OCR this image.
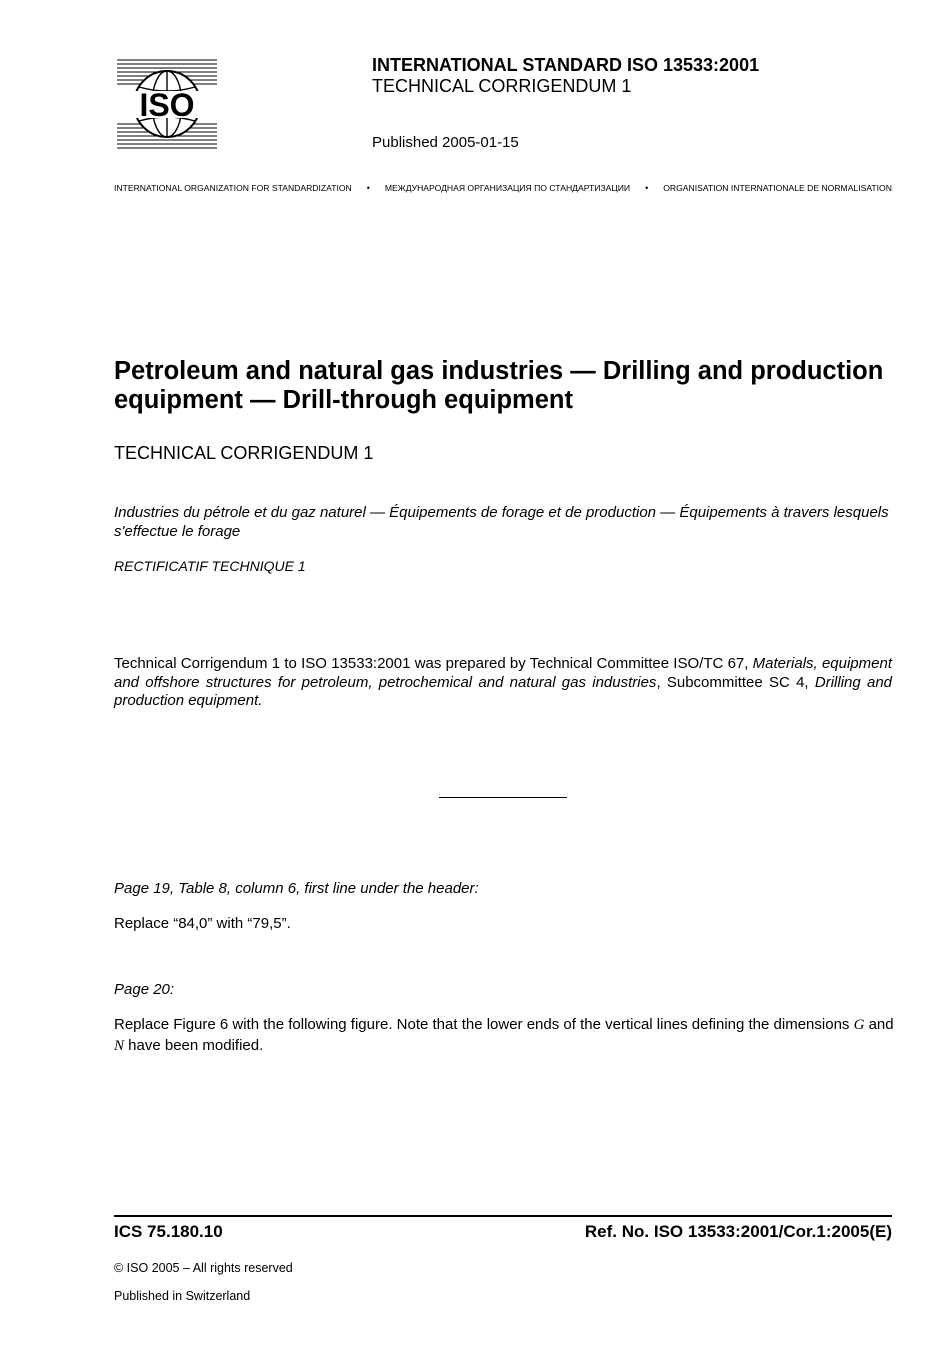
ISO
INTERNATIONAL STANDARD ISO 13533:2001
TECHNICAL CORRIGENDUM 1
Published 2005-01-15
INTERNATIONAL ORGANIZATION FOR STANDARDIZATION • МЕЖДУНАРОДНАЯ ОРГАНИЗАЦИЯ ПО СТАНДАРТИЗАЦИИ • ORGANISATION INTERNATIONALE DE NORMALISATION
Petroleum and natural gas industries — Drilling and production equipment — Drill-through equipment
TECHNICAL CORRIGENDUM 1
Industries du pétrole et du gaz naturel — Équipements de forage et de production — Équipements à travers lesquels s'effectue le forage
RECTIFICATIF TECHNIQUE 1
Technical Corrigendum 1 to ISO 13533:2001 was prepared by Technical Committee ISO/TC 67, Materials, equipment and offshore structures for petroleum, petrochemical and natural gas industries, Subcommittee SC 4, Drilling and production equipment.
Page 19, Table 8, column 6, first line under the header:
Replace “84,0” with “79,5”.
Page 20:
Replace Figure 6 with the following figure. Note that the lower ends of the vertical lines defining the dimensions G and N have been modified.
ICS 75.180.10	Ref. No. ISO 13533:2001/Cor.1:2005(E)
© ISO 2005 – All rights reserved
Published in Switzerland
